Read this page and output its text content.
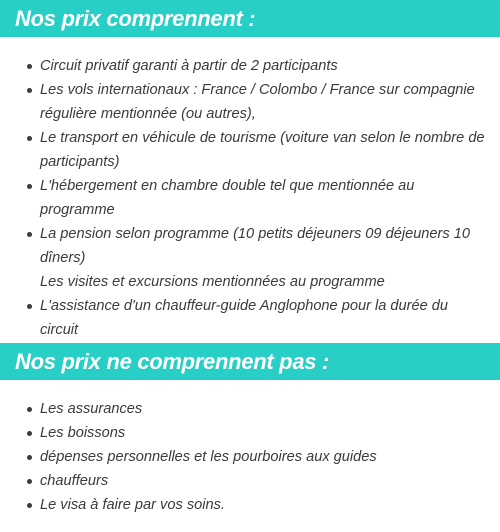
Nos prix comprennent :
Circuit privatif garanti à partir de 2 participants
Les vols internationaux : France / Colombo / France sur compagnie régulière mentionnée (ou autres),
Le transport en véhicule de tourisme (voiture van selon le nombre de participants)
L'hébergement en chambre double tel que mentionnée au programme
La pension selon programme (10 petits déjeuners 09 déjeuners 10 dîners)
Les visites et excursions mentionnées au programme
L'assistance d'un chauffeur-guide Anglophone pour la durée du circuit
Nos prix ne comprennent pas :
Les assurances
Les boissons
dépenses personnelles et les pourboires aux guides
chauffeurs
Le visa à faire par vos soins.
